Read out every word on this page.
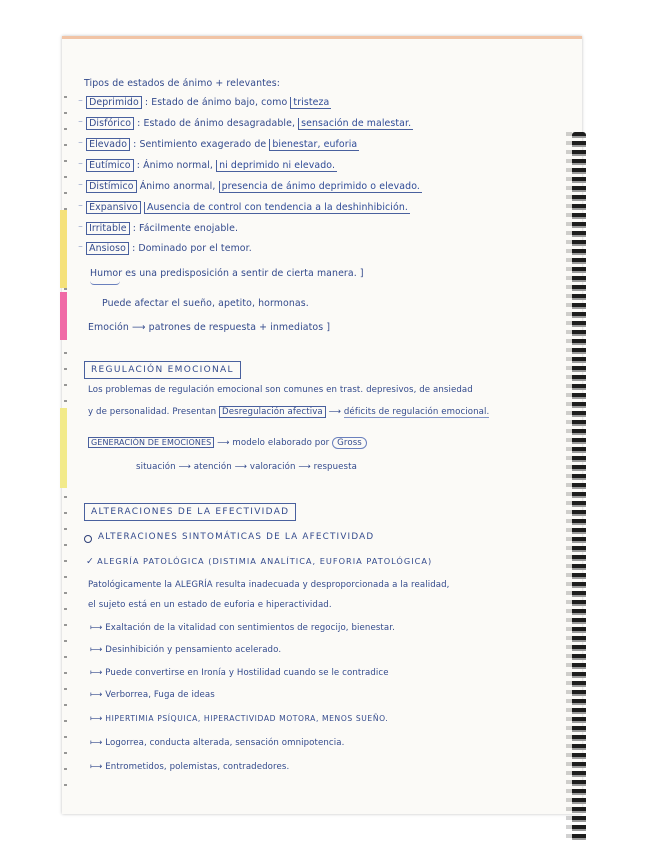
Tipos de estados de ánimo + relevantes:
⁻ Deprimido : Estado de ánimo bajo, como tristeza
⁻ Disfórico : Estado de ánimo desagradable, sensación de malestar.
⁻ Elevado : Sentimiento exagerado de bienestar, euforia
⁻ Eutímico : Ánimo normal, ni deprimido ni elevado.
⁻ Distímico Ánimo anormal, presencia de ánimo deprimido o elevado.
⁻ Expansivo Ausencia de control con tendencia a la deshinhibición.
⁻ Irritable : Fácilmente enojable.
⁻ Ansioso : Dominado por el temor.
Humor es una predisposición a sentir de cierta manera. ]
Puede afectar el sueño, apetito, hormonas.
Emoción ⟶ patrones de respuesta + inmediatos ]
REGULACIÓN EMOCIONAL
Los problemas de regulación emocional son comunes en trast. depresivos, de ansiedad
y de personalidad. Presentan Desregulación afectiva ⟶ déficits de regulación emocional.
GENERACIÓN DE EMOCIONES ⟶ modelo elaborado por Gross
situación ⟶ atención ⟶ valoración ⟶ respuesta
ALTERACIONES DE LA EFECTIVIDAD
ALTERACIONES SINTOMÁTICAS DE LA AFECTIVIDAD
✓ ALEGRÍA PATOLÓGICA (DISTIMIA ANALÍTICA, EUFORIA PATOLÓGICA)
Patológicamente la ALEGRÍA resulta inadecuada y desproporcionada a la realidad,
el sujeto está en un estado de euforia e hiperactividad.
⟼ Exaltación de la vitalidad con sentimientos de regocijo, bienestar.
⟼ Desinhibición y pensamiento acelerado.
⟼ Puede convertirse en Ironía y Hostilidad cuando se le contradice
⟼ Verborrea, Fuga de ideas
⟼ HIPERTIMIA PSÍQUICA, HIPERACTIVIDAD MOTORA, MENOS SUEÑO.
⟼ Logorrea, conducta alterada, sensación omnipotencia.
⟼ Entrometidos, polemistas, contradedores.
